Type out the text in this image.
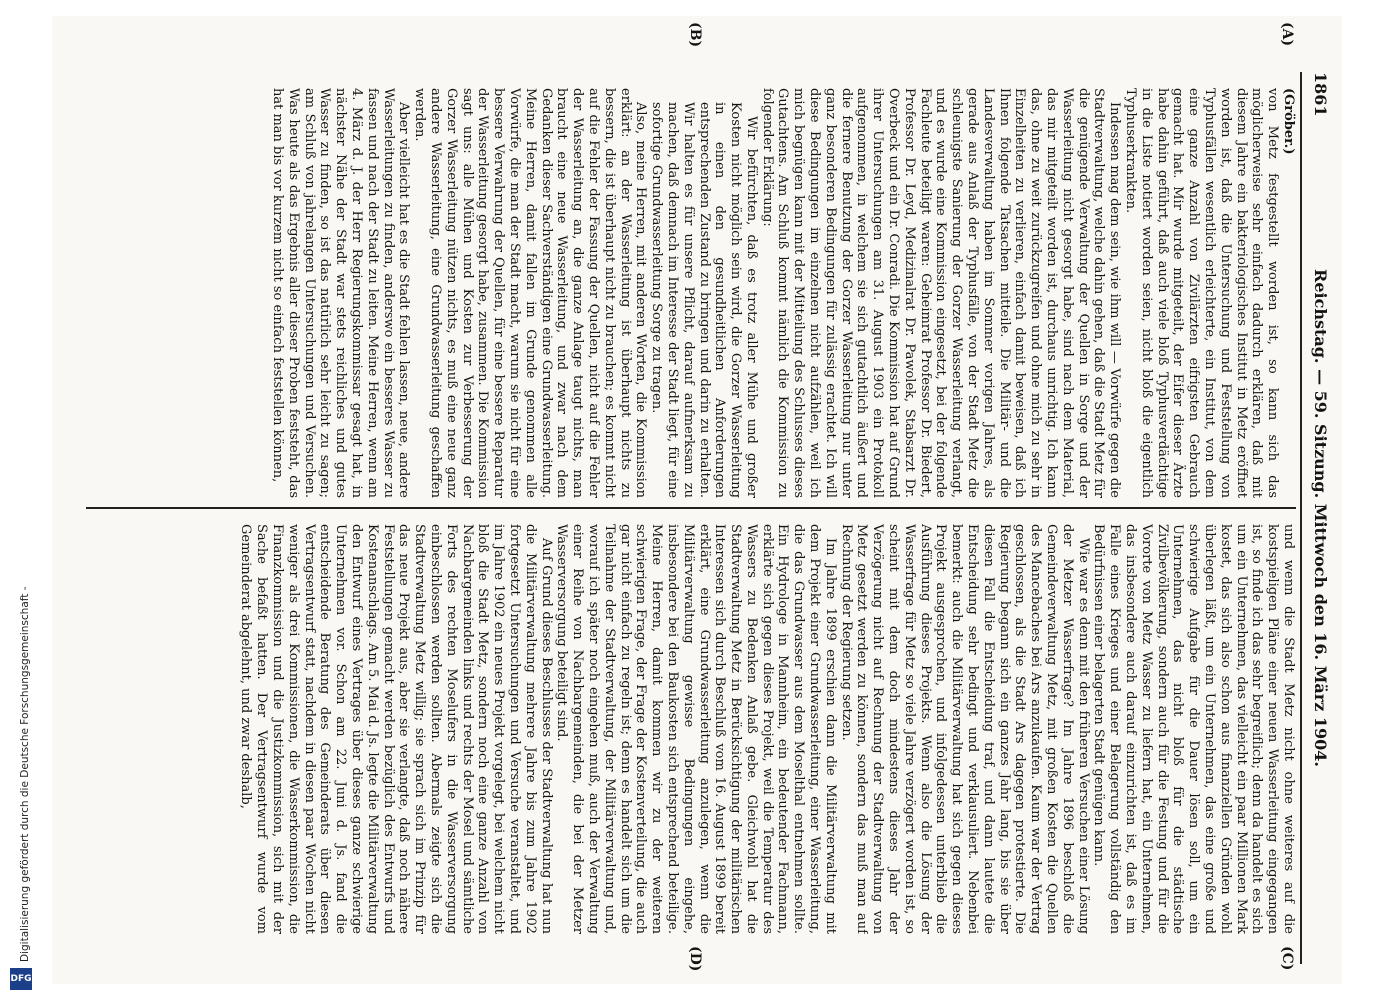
1861
Reichstag. — 59. Sitzung. Mittwoch den 16. März 1904.
(A)
(B)
(C)
(D)

(Gröber.)

von Metz festgestellt worden ist, so kann sich das möglicherweise sehr einfach dadurch erklären, daß mit diesem Jahre ein bakteriologisches Institut in Metz eröffnet worden ist, daß die Untersuchung und Feststellung von Typhusfällen wesentlich erleichterte, ein Institut, von dem eine ganze Anzahl von Zivilärzten eifrigsten Gebrauch gemacht hat. Mir wurde mitgeteilt, der Eifer dieser Ärzte habe dahin geführt, daß auch viele bloß Typhusverdächtige in die Liste notiert worden seien, nicht bloß die eigentlich Typhuserkrankten.

Indessen mag dem sein, wie ihm will — Vorwürfe gegen die Stadtverwaltung, welche dahin gehen, daß die Stadt Metz für die genügende Verwaltung der Quellen in Sorge und der Wasserleitung nicht gesorgt habe, sind nach dem Material, das mir mitgeteilt worden ist, durchaus unrichtig. Ich kann das, ohne zu weit zurückzugreifen und ohne mich zu sehr in Einzelheiten zu verlieren, einfach damit beweisen, daß ich Ihnen folgende Tatsachen mitteile. Die Militär- und die Landesverwaltung haben im Sommer vorigen Jahres, als gerade aus Anlaß der Typhusfälle, von der Stadt Metz die schleunigste Sanierung der Gorzer Wasserleitung verlangt, und es wurde eine Kommission eingesetzt, bei der folgende Fachleute beteiligt waren: Geheimrat Professor Dr. Biedert, Professor Dr. Leyd, Medizinalrat Dr. Pawolek, Stabsarzt Dr. Overbeck und ein Dr. Conradi. Die Kommission hat auf Grund ihrer Untersuchungen am 31. August 1903 ein Protokoll aufgenommen, in welchem sie sich gutachtlich äußert und die fernere Benutzung der Gorzer Wasserleitung nur unter ganz besonderen Bedingungen für zulässig erachtet. Ich will diese Bedingungen im einzelnen nicht aufzählen, weil ich mich begnügen kann mit der Mitteilung des Schlusses dieses Gutachtens. Am Schluß kommt nämlich die Kommission zu folgender Erklärung:

Wir befürchten, daß es trotz aller Mühe und großer Kosten nicht möglich sein wird, die Gorzer Wasserleitung in einen den gesundheitlichen Anforderungen entsprechenden Zustand zu bringen und darin zu erhalten. Wir halten es für unsere Pflicht, darauf aufmerksam zu machen, daß demnach im Interesse der Stadt liegt, für eine sofortige Grundwasserleitung Sorge zu tragen.

Also, meine Herren, mit anderen Worten, die Kommission erklärt: an der Wasserleitung ist überhaupt nichts zu bessern, die ist überhaupt nicht zu brauchen; es kommt nicht auf die Fehler der Fassung der Quellen, nicht auf die Fehler der Wasserleitung an, die ganze Anlage taugt nichts, man braucht eine neue Wasserleitung, und zwar nach dem Gedanken dieser Sachverständigen eine Grundwasserleitung. Meine Herren, damit fallen im Grunde genommen alle Vorwürfe, die man der Stadt macht, warum sie nicht für eine bessere Verwahrung der Quellen, für eine bessere Reparatur der Wasserleitung gesorgt habe, zusammen. Die Kommission sagt uns: alle Mühen und Kosten zur Verbesserung der Gorzer Wasserleitung nützen nichts, es muß eine neue ganz andere Wasserleitung, eine Grundwasserleitung geschaffen werden.

Aber vielleicht hat es die Stadt fehlen lassen, neue, andere Wasserleitungen zu finden, anderswo ein besseres Wasser zu fassen und nach der Stadt zu leiten. Meine Herren, wenn am 4. März d. J. der Herr Regierungskommissar gesagt hat, in nächster Nähe der Stadt war stets reichliches und gutes Wasser zu finden, so ist das natürlich sehr leicht zu sagen; am Schluß von jahrelangen Untersuchungen und Versuchen. Was heute als das Ergebnis aller dieser Proben feststeht, das hat man bis vor kurzem nicht so einfach feststellen können,

und wenn die Stadt Metz nicht ohne weiteres auf die kostspieligen Pläne einer neuen Wasserleitung eingegangen ist, so finde ich das sehr begreiflich; denn da handelt es sich um ein Unternehmen, das vielleicht ein paar Millionen Mark kostet, das sich also schon aus finanziellen Gründen wohl überlegen läßt, um ein Unternehmen, das eine große und schwierige Aufgabe für die Dauer lösen soll, um ein Unternehmen, das nicht bloß für die städtische Zivilbevölkerung, sondern auch für die Festung und für die Vororte von Metz Wasser zu liefern hat, ein Unternehmen, das insbesondere auch darauf einzurichten ist, daß es im Falle eines Krieges und einer Belagerung vollständig den Bedürfnissen einer belagerten Stadt genügen kann.

Wie war es denn mit den früheren Versuchen einer Lösung der Metzer Wasserfrage? Im Jahre 1896 beschloß die Gemeindeverwaltung Metz, mit großen Kosten die Quellen des Mancebaches bei Ars anzukaufen. Kaum war der Vertrag geschlossen, als die Stadt Ars dagegen protestierte. Die Regierung begann sich ein ganzes Jahr lang, bis sie über diesen Fall die Entscheidung traf, und dann lautete die Entscheidung sehr bedingt und verklausuliert. Nebenbei bemerkt: auch die Militärverwaltung hat sich gegen dieses Projekt ausgesprochen, und infolgedessen unterblieb die Ausführung dieses Projekts. Wenn also die Lösung der Wasserfrage für Metz so viele Jahre verzögert worden ist, so scheint mit dem doch mindestens dieses Jahr der Verzögerung nicht auf Rechnung der Stadtverwaltung von Metz gesetzt werden zu können, sondern das muß man auf Rechnung der Regierung setzen.

Im Jahre 1899 erschien dann die Militärverwaltung mit dem Projekt einer Grundwasserleitung, einer Wasserleitung, die das Grundwasser aus dem Moselthal entnehmen sollte. Ein Hydrologe in Mannheim, ein bedeutender Fachmann, erklärte sich gegen dieses Projekt, weil die Temperatur des Wassers zu Bedenken Anlaß gebe. Gleichwohl hat die Stadtverwaltung Metz in Berücksichtigung der militärischen Interessen sich durch Beschluß vom 16. August 1899 bereit erklärt, eine Grundwasserleitung anzulegen, wenn die Militärverwaltung gewisse Bedingungen eingehe, insbesondere bei den Baukosten sich entsprechend beteilige. Meine Herren, damit kommen wir zu der weiteren schwierigen Frage, der Frage der Kostenverteilung, die auch gar nicht einfach zu regeln ist; denn es handelt sich um die Teilnahme der Stadtverwaltung, der Militärverwaltung und, worauf ich später noch eingehen muß, auch der Verwaltung einer Reihe von Nachbargemeinden, die bei der Metzer Wasserversorgung beteiligt sind.

Auf Grund dieses Beschlusses der Stadtverwaltung hat nun die Militärverwaltung mehrere Jahre bis zum Jahre 1902 fortgesetzt Untersuchungen und Versuche veranstaltet, und im Jahre 1902 ein neues Projekt vorgelegt, bei welchem nicht bloß die Stadt Metz, sondern noch eine ganze Anzahl von Nachbargemeinden links und rechts der Mosel und sämtliche Forts des rechten Moselufers in die Wasserversorgung einbeschlossen werden sollten. Abermals zeigte sich die Stadtverwaltung Metz willig; sie sprach sich im Prinzip für das neue Projekt aus, aber sie verlangte, daß noch nähere Feststellungen gemacht werden bezüglich des Entwurfs und Kostenanschlags. Am 5. Mai d. Js. legte die Militärverwaltung den Entwurf eines Vertrages über dieses ganze schwierige Unternehmen vor. Schon am 22. Juni d. Js. fand die entscheidende Beratung des Gemeinderats über diesen Vertragsentwurf statt, nachdem in diesen paar Wochen nicht weniger als drei Kommissionen, die Wasserkommission, die Finanzkommission und die Justizkommission, sich mit der Sache befaßt hatten. Der Vertragsentwurf wurde vom Gemeinderat abgelehnt, und zwar deshalb,

Digitalisierung gefördert durch die Deutsche Forschungsgemeinschaft -
DFG
